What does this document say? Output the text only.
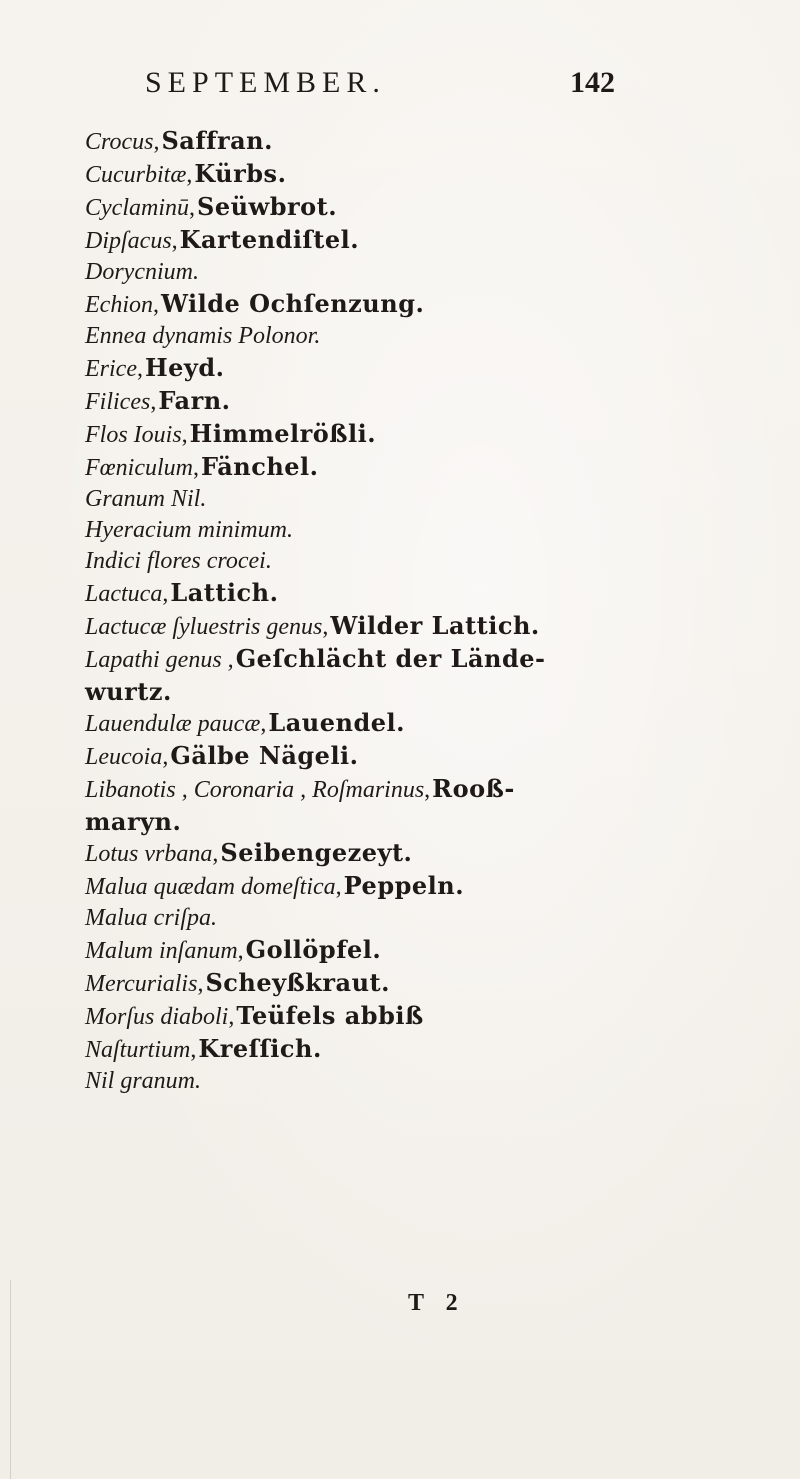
SEPTEMBER.	142
Crocus , Saffran.
Cucurbitæ , Kürbs.
Cyclaminū , Seüwbrot.
Dipſacus , Kartendiſtel.
Dorycnium.
Echion , Wilde Ochſenzung.
Ennea dynamis Polonor.
Erice , Heyd.
Filices , Farn.
Flos Iouis , Himmelrößli.
Fœniculum , Fänchel.
Granum Nil.
Hyeracium minimum.
Indici flores crocei.
Lactuca , Lattich.
Lactucæ ſyluestris genus , Wilder Lattich.
Lapathi genus , Geſchlächt der Lände-
wurtz.
Lauendulæ paucæ , Lauendel.
Leucoia , Gälbe Nägeli.
Libanotis , Coronaria , Roſmarinus , Rooß-
maryn.
Lotus vrbana , Seibengezeyt.
Malua quædam domeſtica , Peppeln.
Malua criſpa.
Malum inſanum , Gollöpfel.
Mercurialis , Scheyßkraut.
Morſus diaboli , Teüfels abbiß
Naſturtium , Kreſſich.
Nil granum.
T 2
